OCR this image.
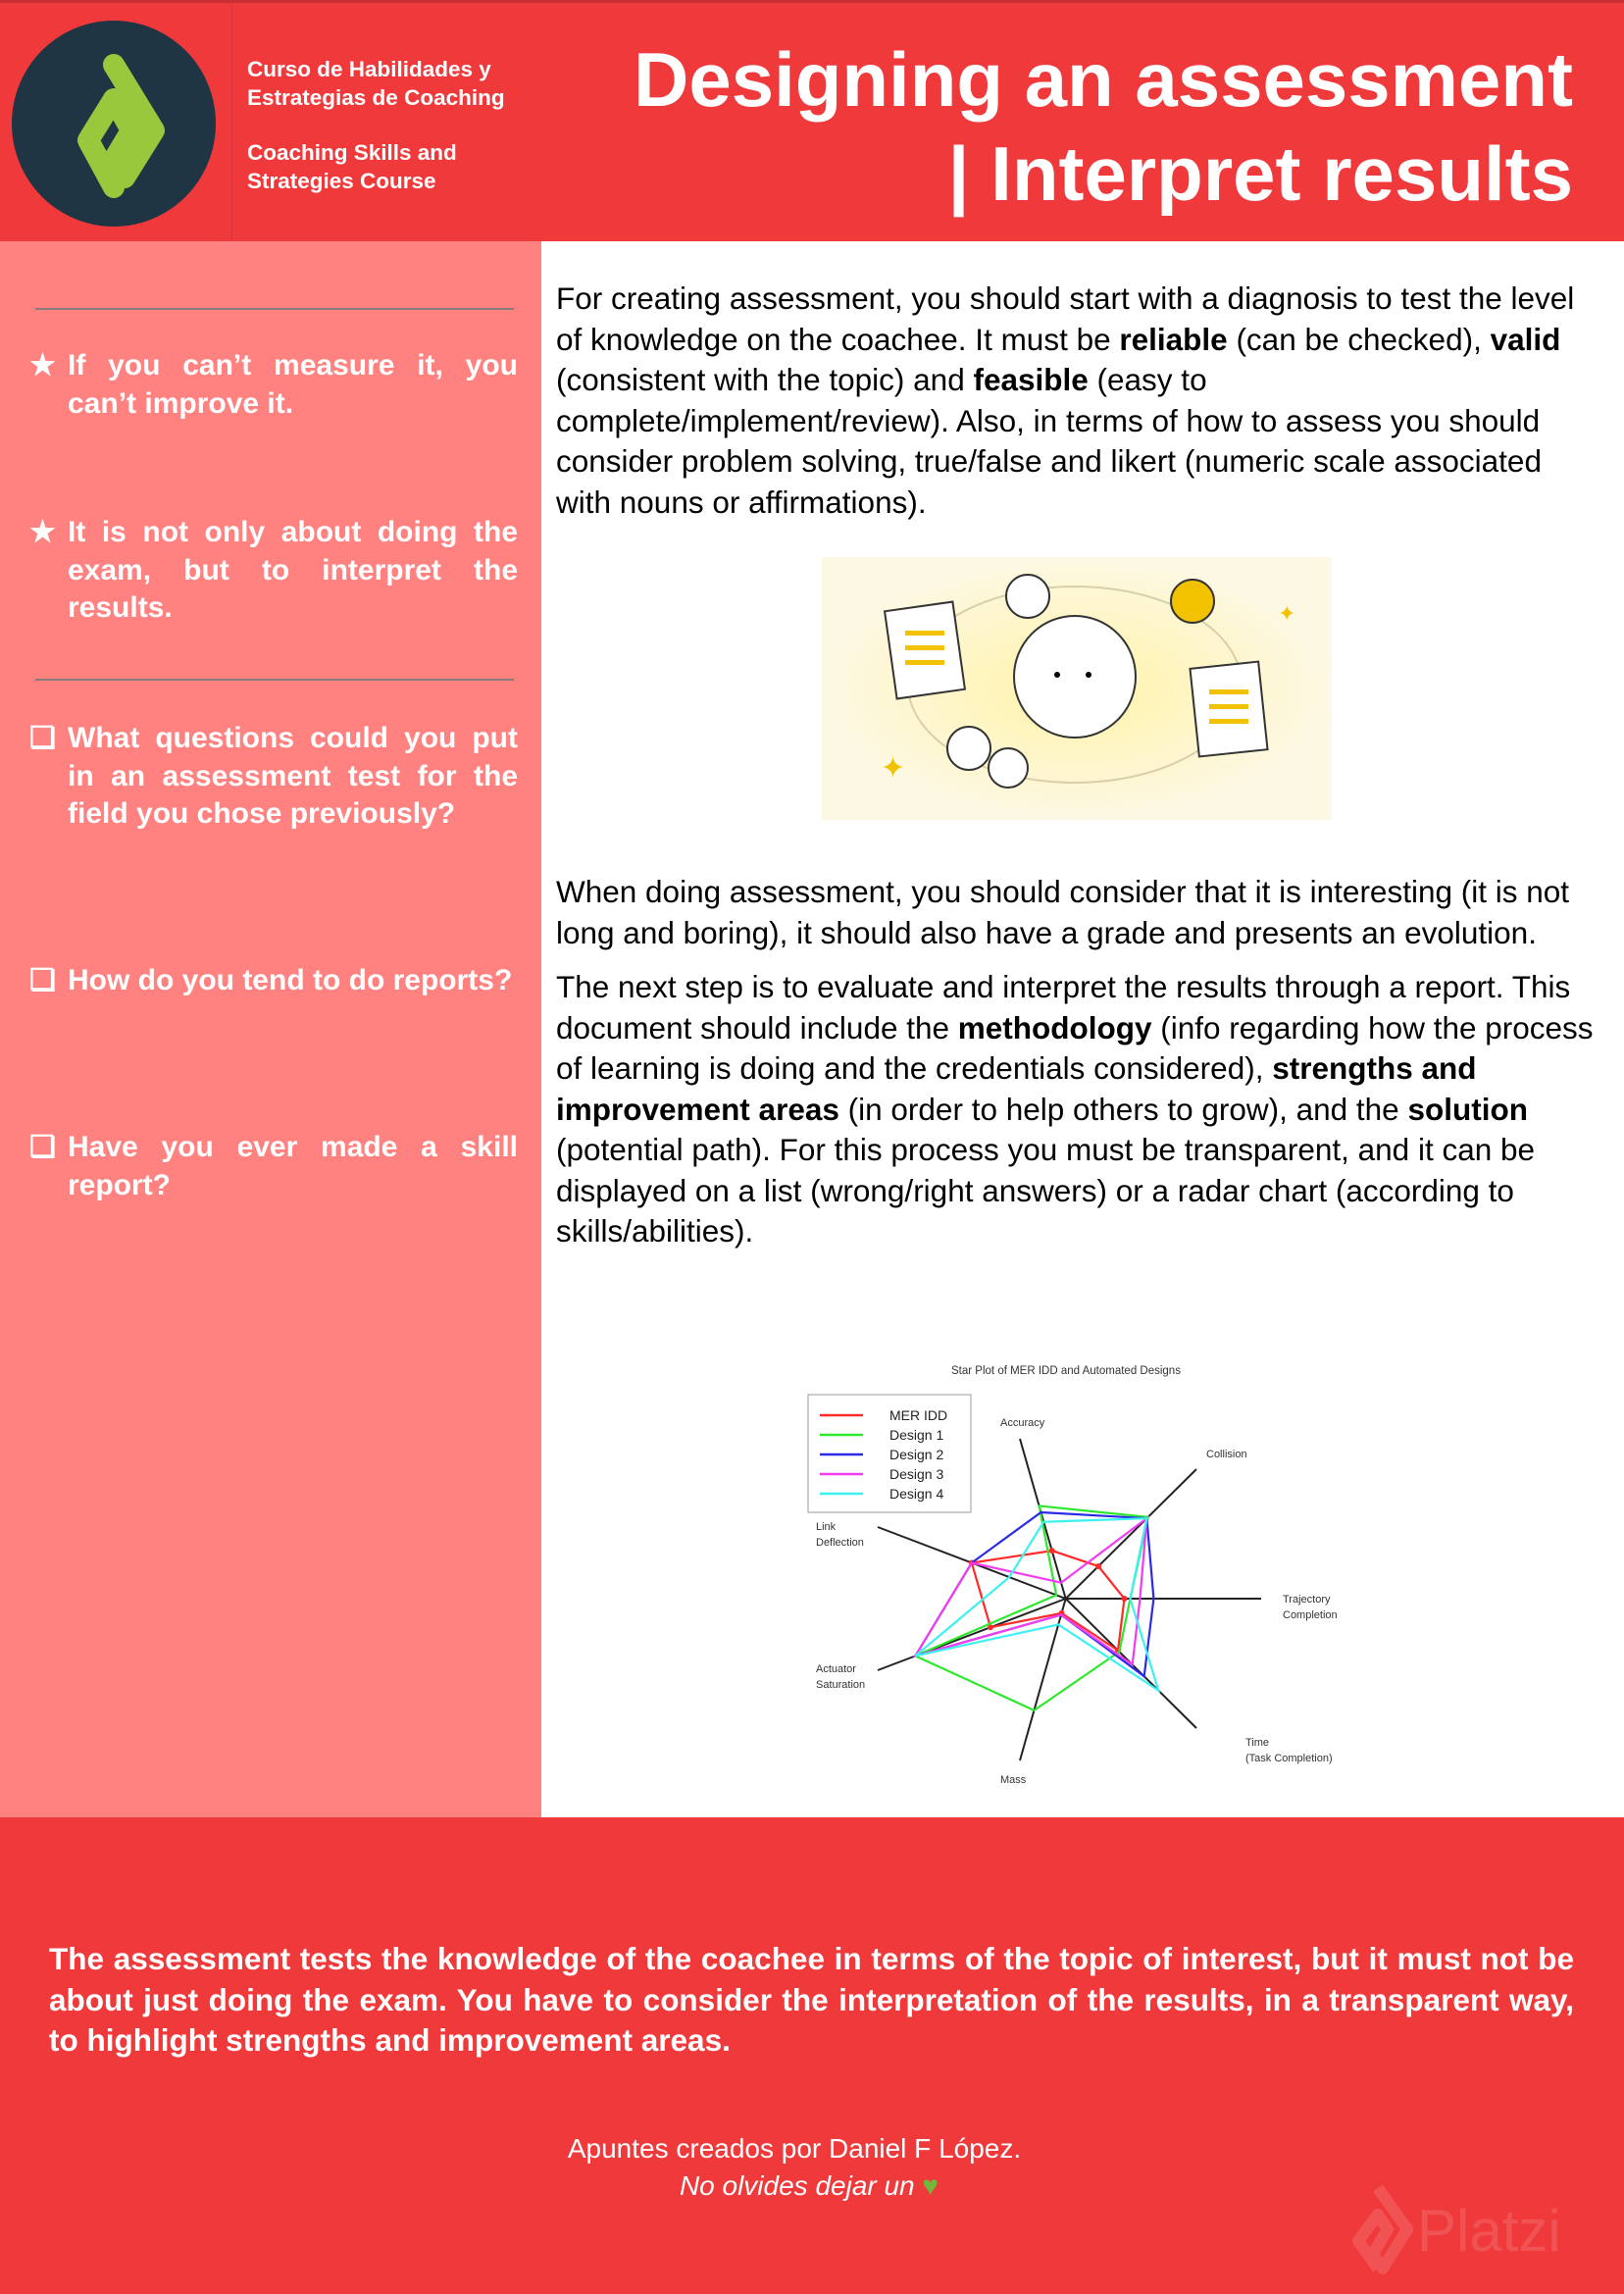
Curso de Habilidades y
Estrategias de Coaching
Coaching Skills and
Strategies Course
Designing an assessment
| Interpret results
★ If you can’t measure it, you can’t improve it.
★ It is not only about doing the exam, but to interpret the results.
❏ What questions could you put in an assessment test for the field you chose previously?
❏ How do you tend to do reports?
❏ Have you ever made a skill report?

For creating assessment, you should start with a diagnosis to test the level of knowledge on the coachee. It must be reliable (can be checked), valid (consistent with the topic) and feasible (easy to complete/implement/review). Also, in terms of how to assess you should consider problem solving, true/false and likert (numeric scale associated with nouns or affirmations).

When doing assessment, you should consider that it is interesting (it is not long and boring), it should also have a grade and presents an evolution.

The next step is to evaluate and interpret the results through a report. This document should include the methodology (info regarding how the process of learning is doing and the credentials considered), strengths and improvement areas (in order to help others to grow), and the solution (potential path). For this process you must be transparent, and it can be displayed on a list (wrong/right answers) or a radar chart (according to skills/abilities).

✦
✦
Star Plot of MER IDD and Automated Designs
Accuracy
Collision
Trajectory
Completion
Time
(Task Completion)
Mass
Actuator
Saturation
Link
Deflection
MER IDD
Design 1
Design 2
Design 3
Design 4
The assessment tests the knowledge of the coachee in terms of the topic of interest, but it must not be about just doing the exam. You have to consider the interpretation of the results, in a transparent way, to highlight strengths and improvement areas.
Apuntes creados por Daniel F López.
No olvides dejar un ♥
Platzi
